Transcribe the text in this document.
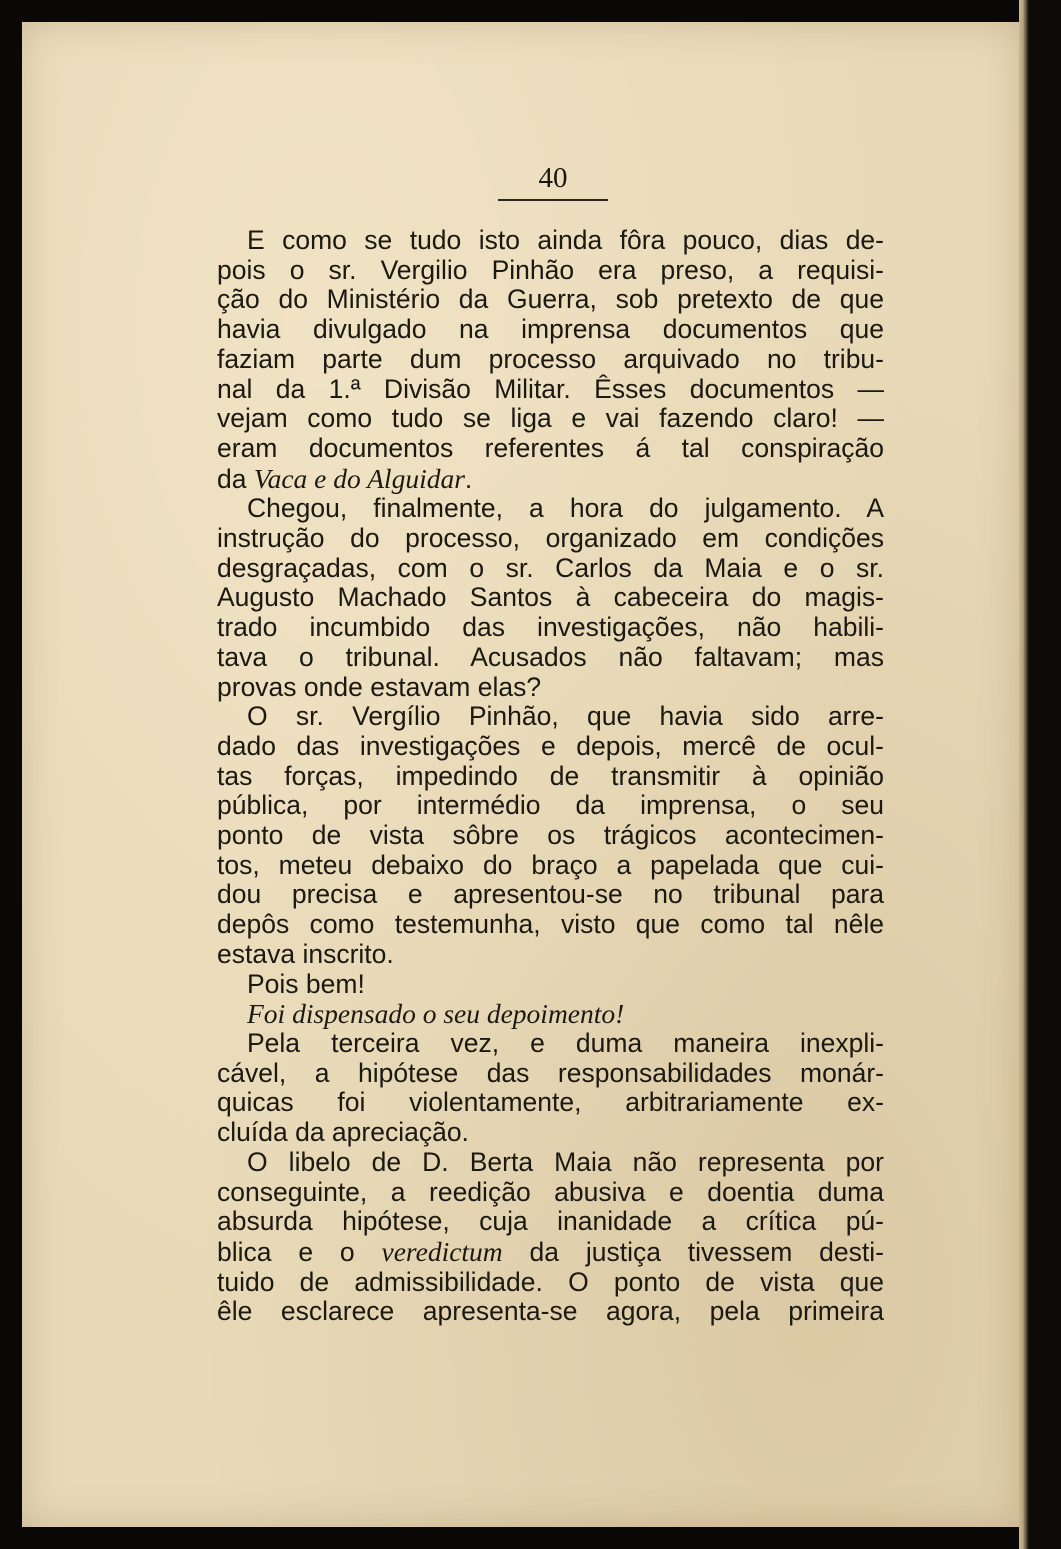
40
E como se tudo isto ainda fôra pouco, dias de-
pois o sr. Vergilio Pinhão era preso, a requisi-
ção do Ministério da Guerra, sob pretexto de que
havia divulgado na imprensa documentos que
faziam parte dum processo arquivado no tribu-
nal da 1.ª Divisão Militar. Êsses documentos —
vejam como tudo se liga e vai fazendo claro! —
eram documentos referentes á tal conspiração
da Vaca e do Alguidar.
Chegou, finalmente, a hora do julgamento. A
instrução do processo, organizado em condições
desgraçadas, com o sr. Carlos da Maia e o sr.
Augusto Machado Santos à cabeceira do magis-
trado incumbido das investigações, não habili-
tava o tribunal. Acusados não faltavam; mas
provas onde estavam elas?
O sr. Vergílio Pinhão, que havia sido arre-
dado das investigações e depois, mercê de ocul-
tas forças, impedindo de transmitir à opinião
pública, por intermédio da imprensa, o seu
ponto de vista sôbre os trágicos acontecimen-
tos, meteu debaixo do braço a papelada que cui-
dou precisa e apresentou-se no tribunal para
depôs como testemunha, visto que como tal nêle
estava inscrito.
Pois bem!
Foi dispensado o seu depoimento!
Pela terceira vez, e duma maneira inexpli-
cável, a hipótese das responsabilidades monár-
quicas foi violentamente, arbitrariamente ex-
cluída da apreciação.
O libelo de D. Berta Maia não representa por
conseguinte, a reedição abusiva e doentia duma
absurda hipótese, cuja inanidade a crítica pú-
blica e o veredictum da justiça tivessem desti-
tuido de admissibilidade. O ponto de vista que
êle esclarece apresenta-se agora, pela primeira
